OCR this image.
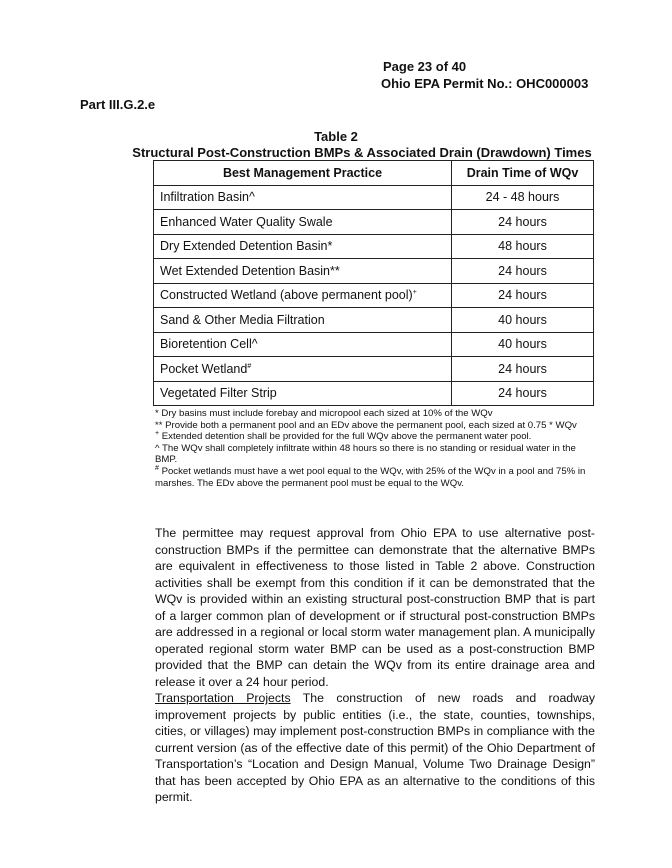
Page 23 of 40
Ohio EPA Permit No.: OHC000003
Part III.G.2.e
Table 2
Structural Post-Construction BMPs & Associated Drain (Drawdown) Times
Best Management Practice	Drain Time of WQv
Infiltration Basin^	24 - 48 hours
Enhanced Water Quality Swale	24 hours
Dry Extended Detention Basin*	48 hours
Wet Extended Detention Basin**	24 hours
Constructed Wetland (above permanent pool)+	24 hours
Sand & Other Media Filtration	40 hours
Bioretention Cell^	40 hours
Pocket Wetland#	24 hours
Vegetated Filter Strip	24 hours
* Dry basins must include forebay and micropool each sized at 10% of the WQv
** Provide both a permanent pool and an EDv above the permanent pool, each sized at 0.75 * WQv
+ Extended detention shall be provided for the full WQv above the permanent water pool.
^ The WQv shall completely infiltrate within 48 hours so there is no standing or residual water in the BMP.
# Pocket wetlands must have a wet pool equal to the WQv, with 25% of the WQv in a pool and 75% in marshes. The EDv above the permanent pool must be equal to the WQv.
The permittee may request approval from Ohio EPA to use alternative post-construction BMPs if the permittee can demonstrate that the alternative BMPs are equivalent in effectiveness to those listed in Table 2 above. Construction activities shall be exempt from this condition if it can be demonstrated that the WQv is provided within an existing structural post-construction BMP that is part of a larger common plan of development or if structural post-construction BMPs are addressed in a regional or local storm water management plan. A municipally operated regional storm water BMP can be used as a post-construction BMP provided that the BMP can detain the WQv from its entire drainage area and release it over a 24 hour period.
Transportation Projects The construction of new roads and roadway improvement projects by public entities (i.e., the state, counties, townships, cities, or villages) may implement post-construction BMPs in compliance with the current version (as of the effective date of this permit) of the Ohio Department of Transportation’s “Location and Design Manual, Volume Two Drainage Design” that has been accepted by Ohio EPA as an alternative to the conditions of this permit.
